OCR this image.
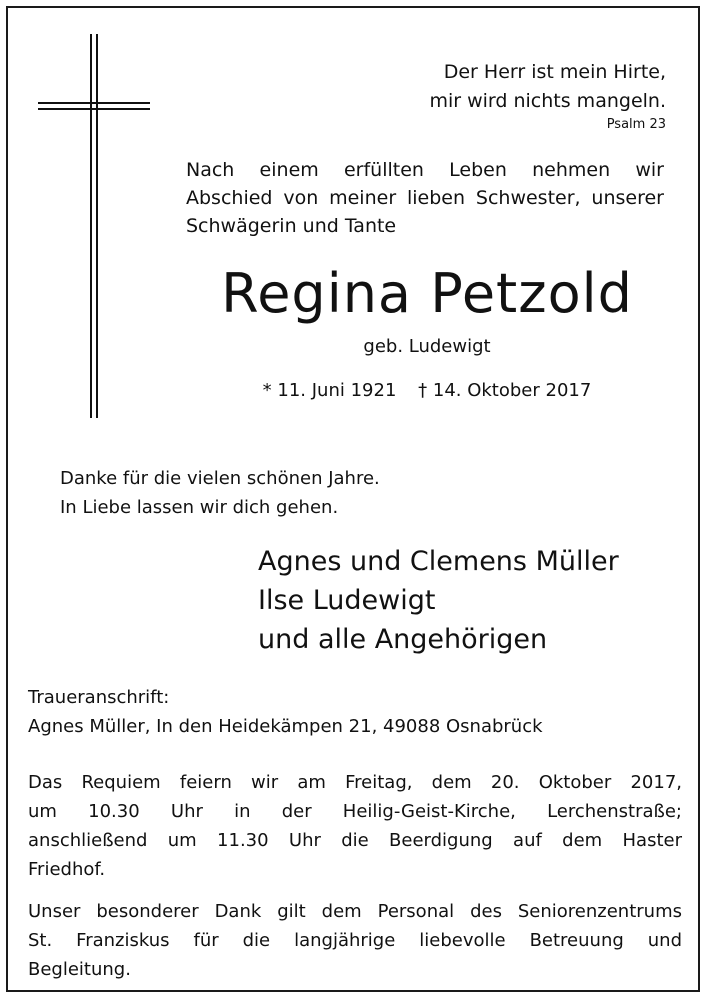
Der Herr ist mein Hirte,
mir wird nichts mangeln.
Psalm 23
Nach einem erfüllten Leben nehmen wir
Abschied von meiner lieben Schwester, unserer
Schwägerin und Tante
Regina Petzold
geb. Ludewigt
* 11. Juni 1921 † 14. Oktober 2017
Danke für die vielen schönen Jahre.
In Liebe lassen wir dich gehen.
Agnes und Clemens Müller
Ilse Ludewigt
und alle Angehörigen
Traueranschrift:
Agnes Müller, In den Heidekämpen 21, 49088 Osnabrück
Das Requiem feiern wir am Freitag, dem 20. Oktober 2017,
um 10.30 Uhr in der Heilig-Geist-Kirche, Lerchenstraße;
anschließend um 11.30 Uhr die Beerdigung auf dem Haster
Friedhof.
Unser besonderer Dank gilt dem Personal des Seniorenzentrums
St. Franziskus für die langjährige liebevolle Betreuung und
Begleitung.
